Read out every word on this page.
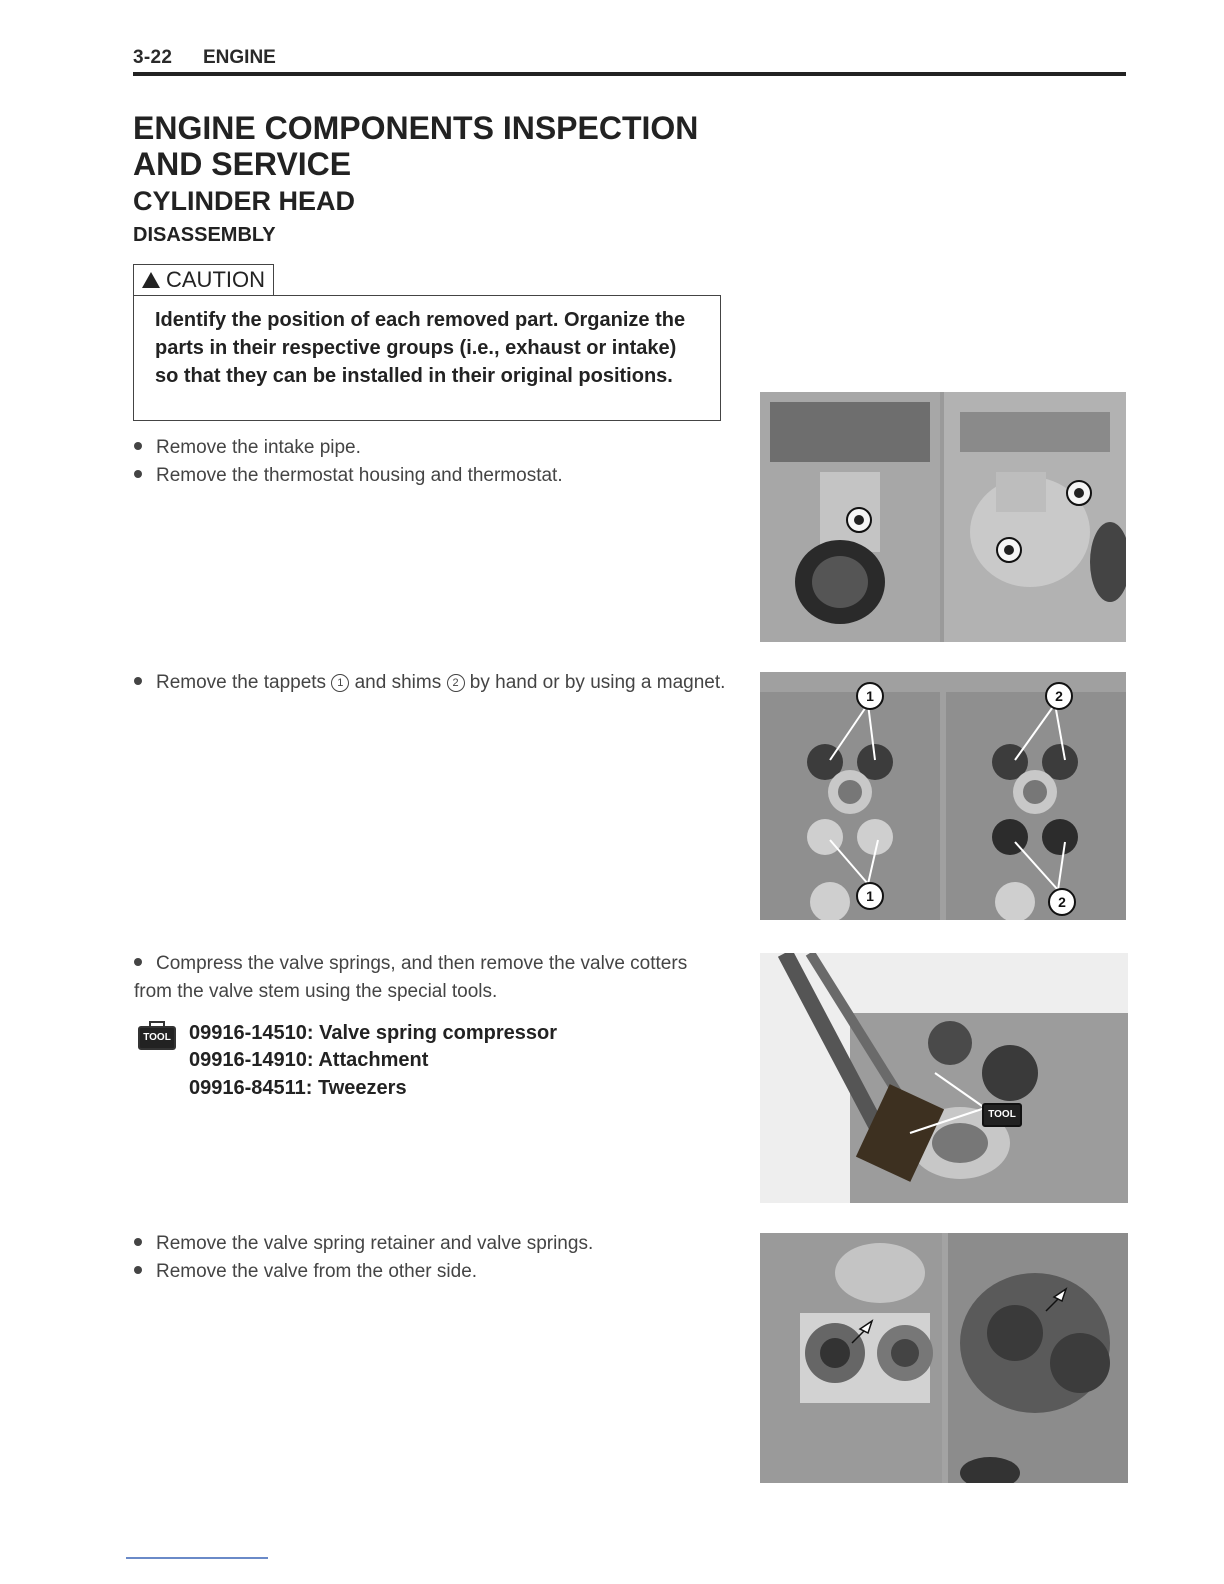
3-22 ENGINE
ENGINE COMPONENTS INSPECTION AND SERVICE
CYLINDER HEAD
DISASSEMBLY
CAUTION
Identify the position of each removed part. Organize the parts in their respective groups (i.e., exhaust or intake) so that they can be installed in their original positions.
Remove the intake pipe.
Remove the thermostat housing and thermostat.
Remove the tappets 1 and shims 2 by hand or by using a magnet.
Compress the valve springs, and then remove the valve cotters from the valve stem using the special tools.
TOOL 09916-14510: Valve spring compressor
09916-14910: Attachment
09916-84511: Tweezers
Remove the valve spring retainer and valve springs.
Remove the valve from the other side.
1	2
1	2
TOOL
